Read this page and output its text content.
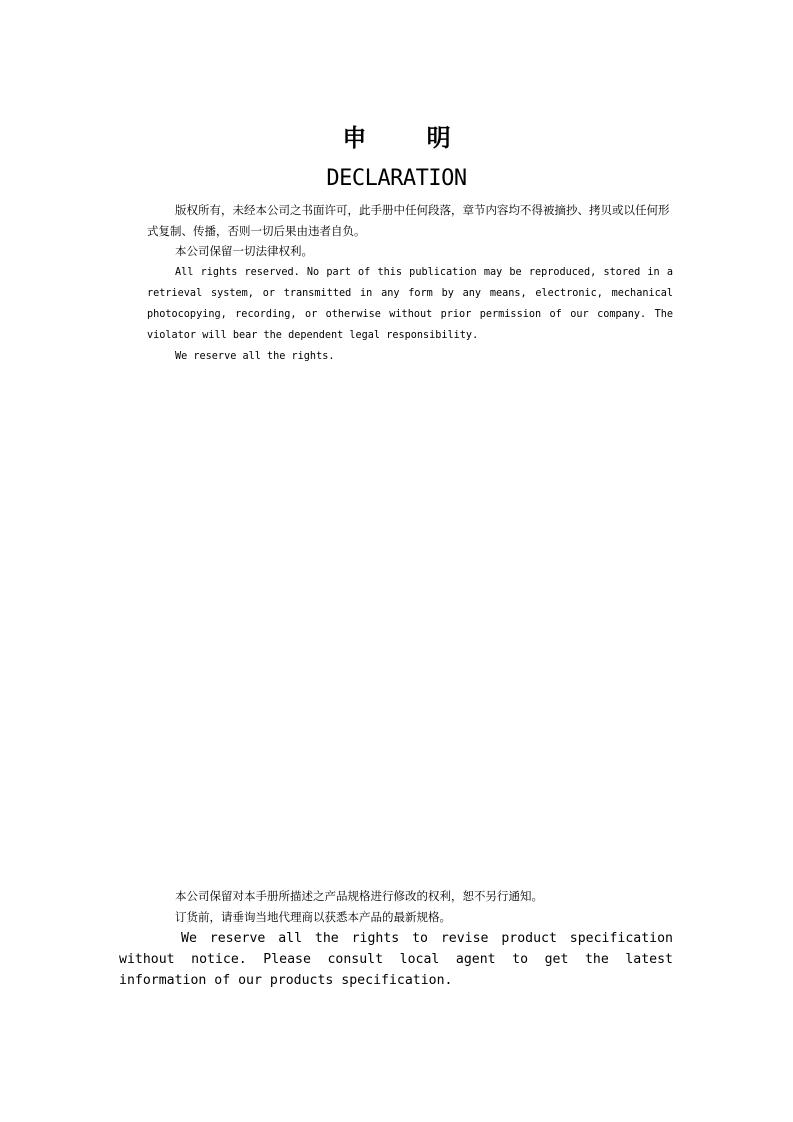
申 明
DECLARATION

版权所有，未经本公司之书面许可，此手册中任何段落，章节内容均不得被摘抄、拷贝或以任何形式复制、传播，否则一切后果由违者自负。

本公司保留一切法律权利。

All rights reserved. No part of this publication may be reproduced, stored in a retrieval system, or transmitted in any form by any means, electronic, mechanical photocopying, recording, or otherwise without prior permission of our company. The violator will bear the dependent legal responsibility.

We reserve all the rights.

本公司保留对本手册所描述之产品规格进行修改的权利，恕不另行通知。

订货前，请垂询当地代理商以获悉本产品的最新规格。

We reserve all the rights to revise product specification without notice. Please consult local agent to get the latest information of our products specification.
